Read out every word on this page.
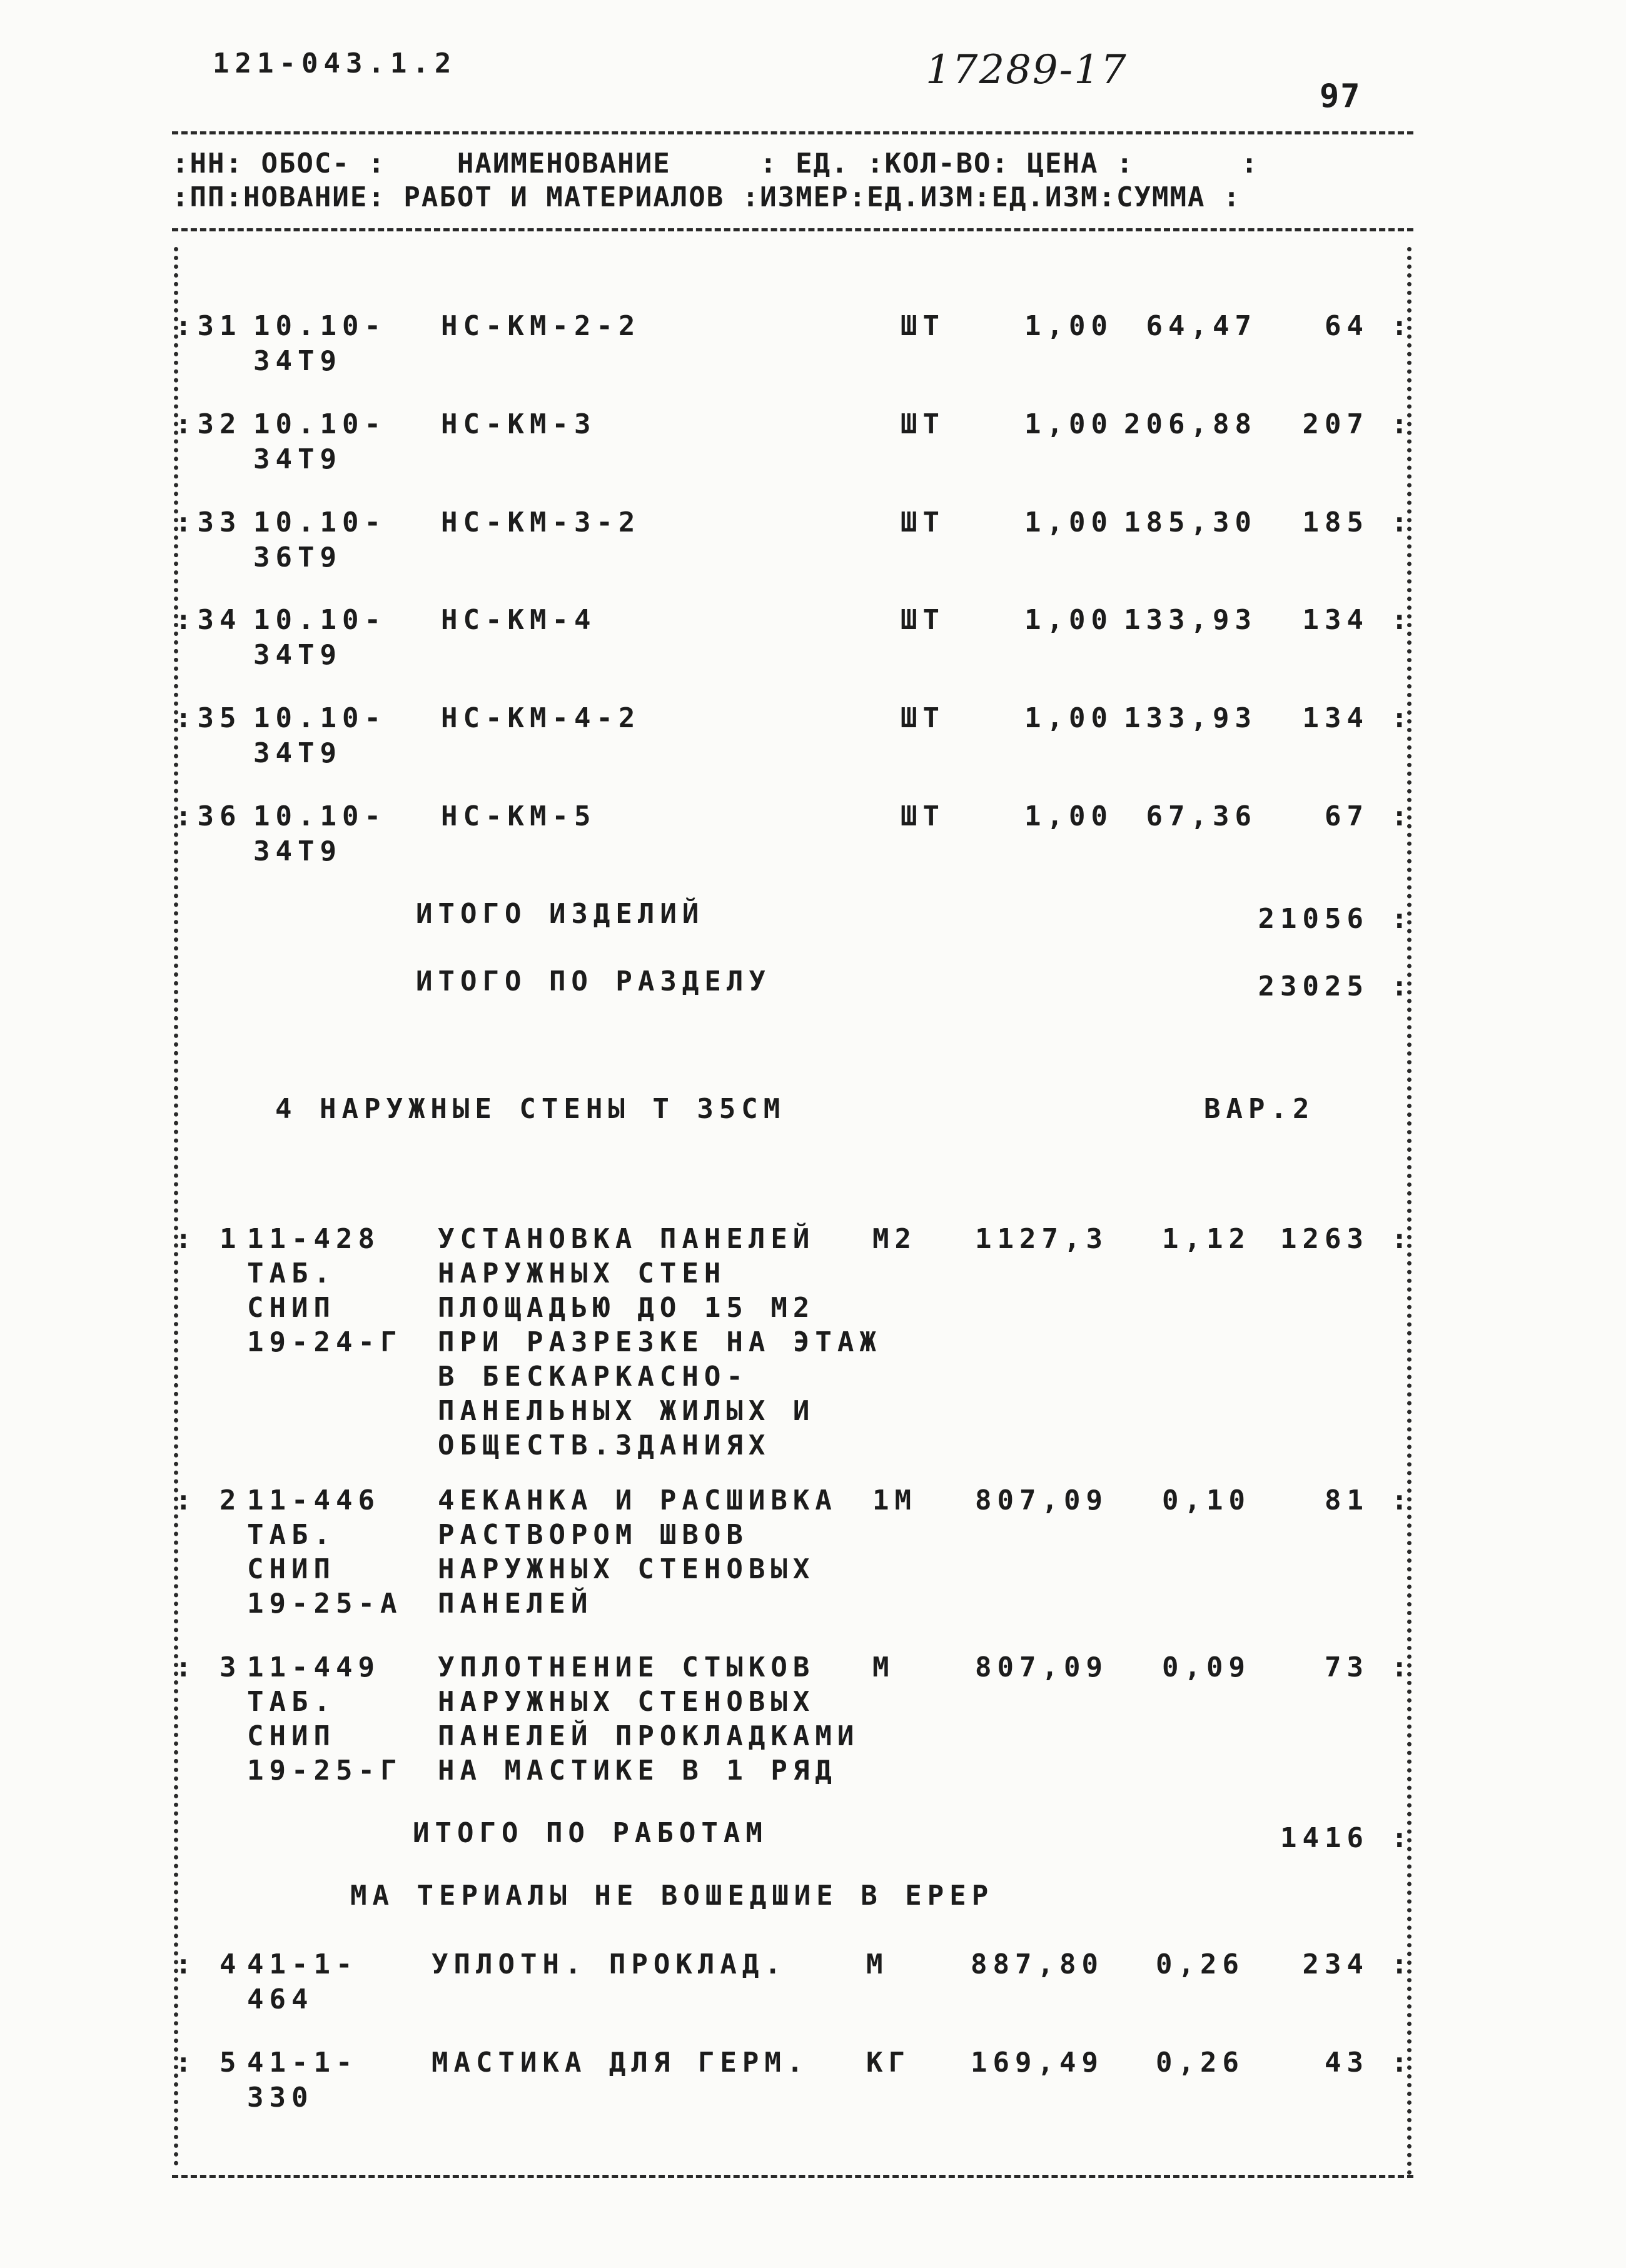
121-043.1.2	17289-17
97
:НН: ОБОС- :    НАИМЕНОВАНИЕ     : ЕД. :КОЛ-ВО: ЦЕНА :      :
:ПП:НОВАНИЕ: РАБОТ И МАТЕРИАЛОВ :ИЗМЕР:ЕД.ИЗМ:ЕД.ИЗМ:СУММА :
:31 10.10-
34Т9
НС-КМ-2-2	ШТ	1,00 64,47 64 :
:32 10.10-
34Т9
НС-КМ-3	ШТ	1,00 206,88 207 :
:33 10.10-
36Т9
НС-КМ-3-2	ШТ	1,00 185,30 185 :
:34 10.10-
34Т9
НС-КМ-4	ШТ	1,00 133,93 134 :
:35 10.10-
34Т9
НС-КМ-4-2	ШТ	1,00 133,93 134 :
:36 10.10-
34Т9
НС-КМ-5	ШТ	1,00 67,36 67 :
ИТОГО ИЗДЕЛИЙ	21056 :
ИТОГО ПО РАЗДЕЛУ	23025 :
4 НАРУЖНЫЕ СТЕНЫ Т 35СМ	ВАР.2
: 1 11-428
ТАБ.
СНИП
19-24-Г
УСТАНОВКА ПАНЕЛЕЙ
НАРУЖНЫХ СТЕН
ПЛОЩАДЬЮ ДО 15 М2
ПРИ РАЗРЕЗКЕ НА ЭТАЖ
В БЕСКАРКАСНО-
ПАНЕЛЬНЫХ ЖИЛЫХ И
ОБЩЕСТВ.ЗДАНИЯХ
М2 1127,3 1,12 1263 :
: 2 11-446
ТАБ.
СНИП
19-25-А
4ЕКАНКА И РАСШИВКА
РАСТВОРОМ ШВОВ
НАРУЖНЫХ СТЕНОВЫХ
ПАНЕЛЕЙ
1М 807,09 0,10	81 :
: 3 11-449
ТАБ.
СНИП
19-25-Г
УПЛОТНЕНИЕ СТЫКОВ
НАРУЖНЫХ СТЕНОВЫХ
ПАНЕЛЕЙ ПРОКЛАДКАМИ
НА МАСТИКЕ В 1 РЯД
М	807,09 0,09	73 :
ИТОГО ПО РАБОТАМ	1416 :
МА ТЕРИАЛЫ НЕ ВОШЕДШИЕ В ЕРЕР
: 4 41-1-
464
УПЛОТН. ПРОКЛАД.	М	887,80 0,26 234 :
: 5 41-1-
330
МАСТИКА ДЛЯ ГЕРМ. КГ 169,49 0,26	43 :
